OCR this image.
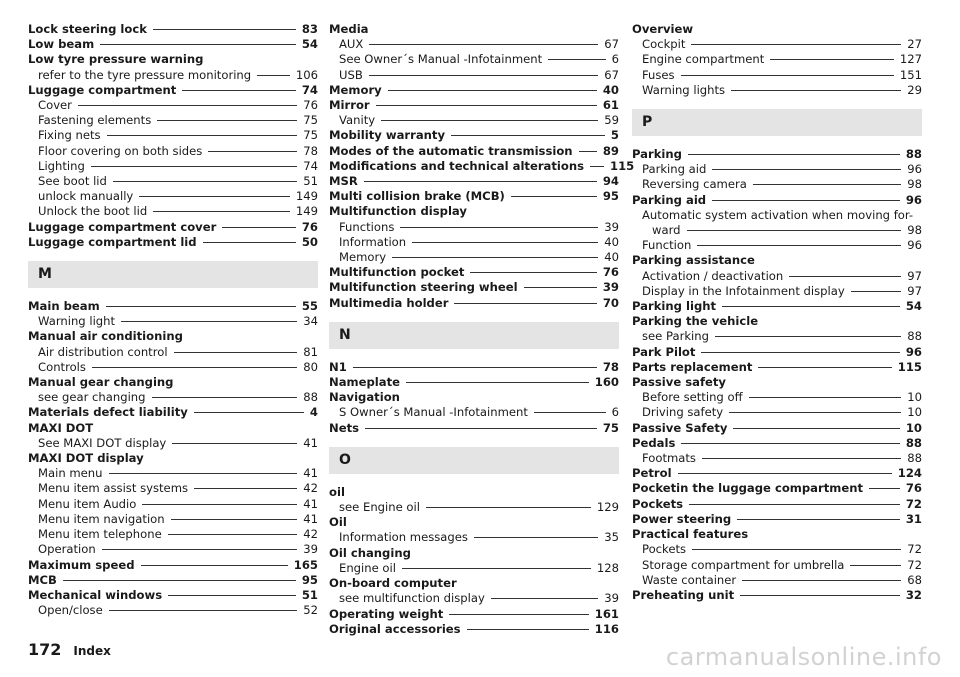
Lock steering lock	83
Low beam	54
Low tyre pressure warning
refer to the tyre pressure monitoring	106
Luggage compartment	74
Cover	76
Fastening elements	75
Fixing nets	75
Floor covering on both sides	78
Lighting	74
See boot lid	51
unlock manually	149
Unlock the boot lid	149
Luggage compartment cover	76
Luggage compartment lid	50
M
Main beam	55
Warning light	34
Manual air conditioning
Air distribution control	81
Controls	80
Manual gear changing
see gear changing	88
Materials defect liability	4
MAXI DOT
See MAXI DOT display	41
MAXI DOT display
Main menu	41
Menu item assist systems	42
Menu item Audio	41
Menu item navigation	41
Menu item telephone	42
Operation	39
Maximum speed	165
MCB	95
Mechanical windows	51
Open/close	52
Media
AUX	67
See Owner´s Manual -Infotainment	6
USB	67
Memory	40
Mirror	61
Vanity	59
Mobility warranty	5
Modes of the automatic transmission	89
Modifications and technical alterations 115
MSR	94
Multi collision brake (MCB)	95
Multifunction display
Functions	39
Information	40
Memory	40
Multifunction pocket	76
Multifunction steering wheel	39
Multimedia holder	70
N
N1	78
Nameplate	160
Navigation
S Owner´s Manual -Infotainment	6
Nets	75
O
oil
see Engine oil	129
Oil
Information messages	35
Oil changing
Engine oil	128
On-board computer
see multifunction display	39
Operating weight	161
Original accessories	116
Overview
Cockpit	27
Engine compartment	127
Fuses	151
Warning lights	29
P
Parking	88
Parking aid	96
Reversing camera	98
Parking aid	96
Automatic system activation when moving for-
ward	98
Function	96
Parking assistance
Activation / deactivation	97
Display in the Infotainment display	97
Parking light	54
Parking the vehicle
see Parking	88
Park Pilot	96
Parts replacement	115
Passive safety
Before setting off	10
Driving safety	10
Passive Safety	10
Pedals	88
Footmats	88
Petrol	124
Pocketin the luggage compartment	76
Pockets	72
Power steering	31
Practical features
Pockets	72
Storage compartment for umbrella	72
Waste container	68
Preheating unit	32
172 Index	carmanualsonline.info
